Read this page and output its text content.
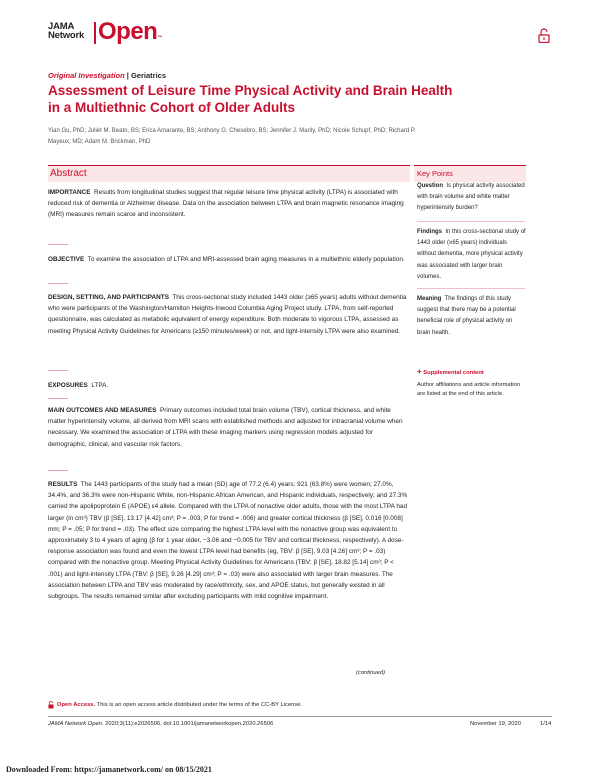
JAMA
Network Open™
Original Investigation | Geriatrics
Assessment of Leisure Time Physical Activity and Brain Health in a Multiethnic Cohort of Older Adults
Yian Gu, PhD; Juliet M. Beato, BS; Erica Amarante, BS; Anthony G. Chesebro, BS; Jennifer J. Manly, PhD; Nicole Schupf, PhD; Richard P. Mayeux, MD; Adam M. Brickman, PhD
Abstract
IMPORTANCE Results from longitudinal studies suggest that regular leisure time physical activity (LTPA) is associated with reduced risk of dementia or Alzheimer disease. Data on the association between LTPA and brain magnetic resonance imaging (MRI) measures remain scarce and inconsistent.
OBJECTIVE To examine the association of LTPA and MRI-assessed brain aging measures in a multiethnic elderly population.
DESIGN, SETTING, AND PARTICIPANTS This cross-sectional study included 1443 older (≥65 years) adults without dementia who were participants of the Washington/Hamilton Heights-Inwood Columbia Aging Project study. LTPA, from self-reported questionnaire, was calculated as metabolic equivalent of energy expenditure. Both moderate to vigorous LTPA, assessed as meeting Physical Activity Guidelines for Americans (≥150 minutes/week) or not, and light-intensity LTPA were also examined.
EXPOSURES LTPA.
MAIN OUTCOMES AND MEASURES Primary outcomes included total brain volume (TBV), cortical thickness, and white matter hyperintensity volume, all derived from MRI scans with established methods and adjusted for intracranial volume when necessary. We examined the association of LTPA with these imaging markers using regression models adjusted for demographic, clinical, and vascular risk factors.
RESULTS The 1443 participants of the study had a mean (SD) age of 77.2 (6.4) years; 921 (63.8%) were women; 27.0%, 34.4%, and 36.3% were non-Hispanic White, non-Hispanic African American, and Hispanic individuals, respectively; and 27.3% carried the apolipoprotein E (APOE) ε4 allele. Compared with the LTPA of nonactive older adults, those with the most LTPA had larger (in cm³) TBV (β [SE], 13.17 [4.42] cm³; P = .003; P for trend = .006) and greater cortical thickness (β [SE], 0.016 [0.008] mm; P = .05; P for trend = .03). The effect size comparing the highest LTPA level with the nonactive group was equivalent to approximately 3 to 4 years of aging (β for 1 year older, −3.06 and −0.005 for TBV and cortical thickness, respectively). A dose-response association was found and even the lowest LTPA level had benefits (eg, TBV: β [SE], 9.03 [4.26] cm³; P = .03) compared with the nonactive group. Meeting Physical Activity Guidelines for Americans (TBV: β [SE], 18.82 [5.14] cm³; P < .001) and light-intensity LTPA (TBV: β [SE], 9.26 [4.29] cm³; P = .03) were also associated with larger brain measures. The association between LTPA and TBV was moderated by race/ethnicity, sex, and APOE status, but generally existed in all subgroups. The results remained similar after excluding participants with mild cognitive impairment.
(continued)
Key Points
Question Is physical activity associated with brain volume and white matter hyperintensity burden?
Findings In this cross-sectional study of 1443 older (≥65 years) individuals without dementia, more physical activity was associated with larger brain volumes.
Meaning The findings of this study suggest that there may be a potential beneficial role of physical activity on brain health.
+ Supplemental content
Author affiliations and article information are listed at the end of this article.
Open Access. This is an open access article distributed under the terms of the CC-BY License.
JAMA Network Open. 2020;3(11):e2026506. doi:10.1001/jamanetworkopen.2020.26506	November 19, 2020	1/14
Downloaded From: https://jamanetwork.com/ on 08/15/2021
